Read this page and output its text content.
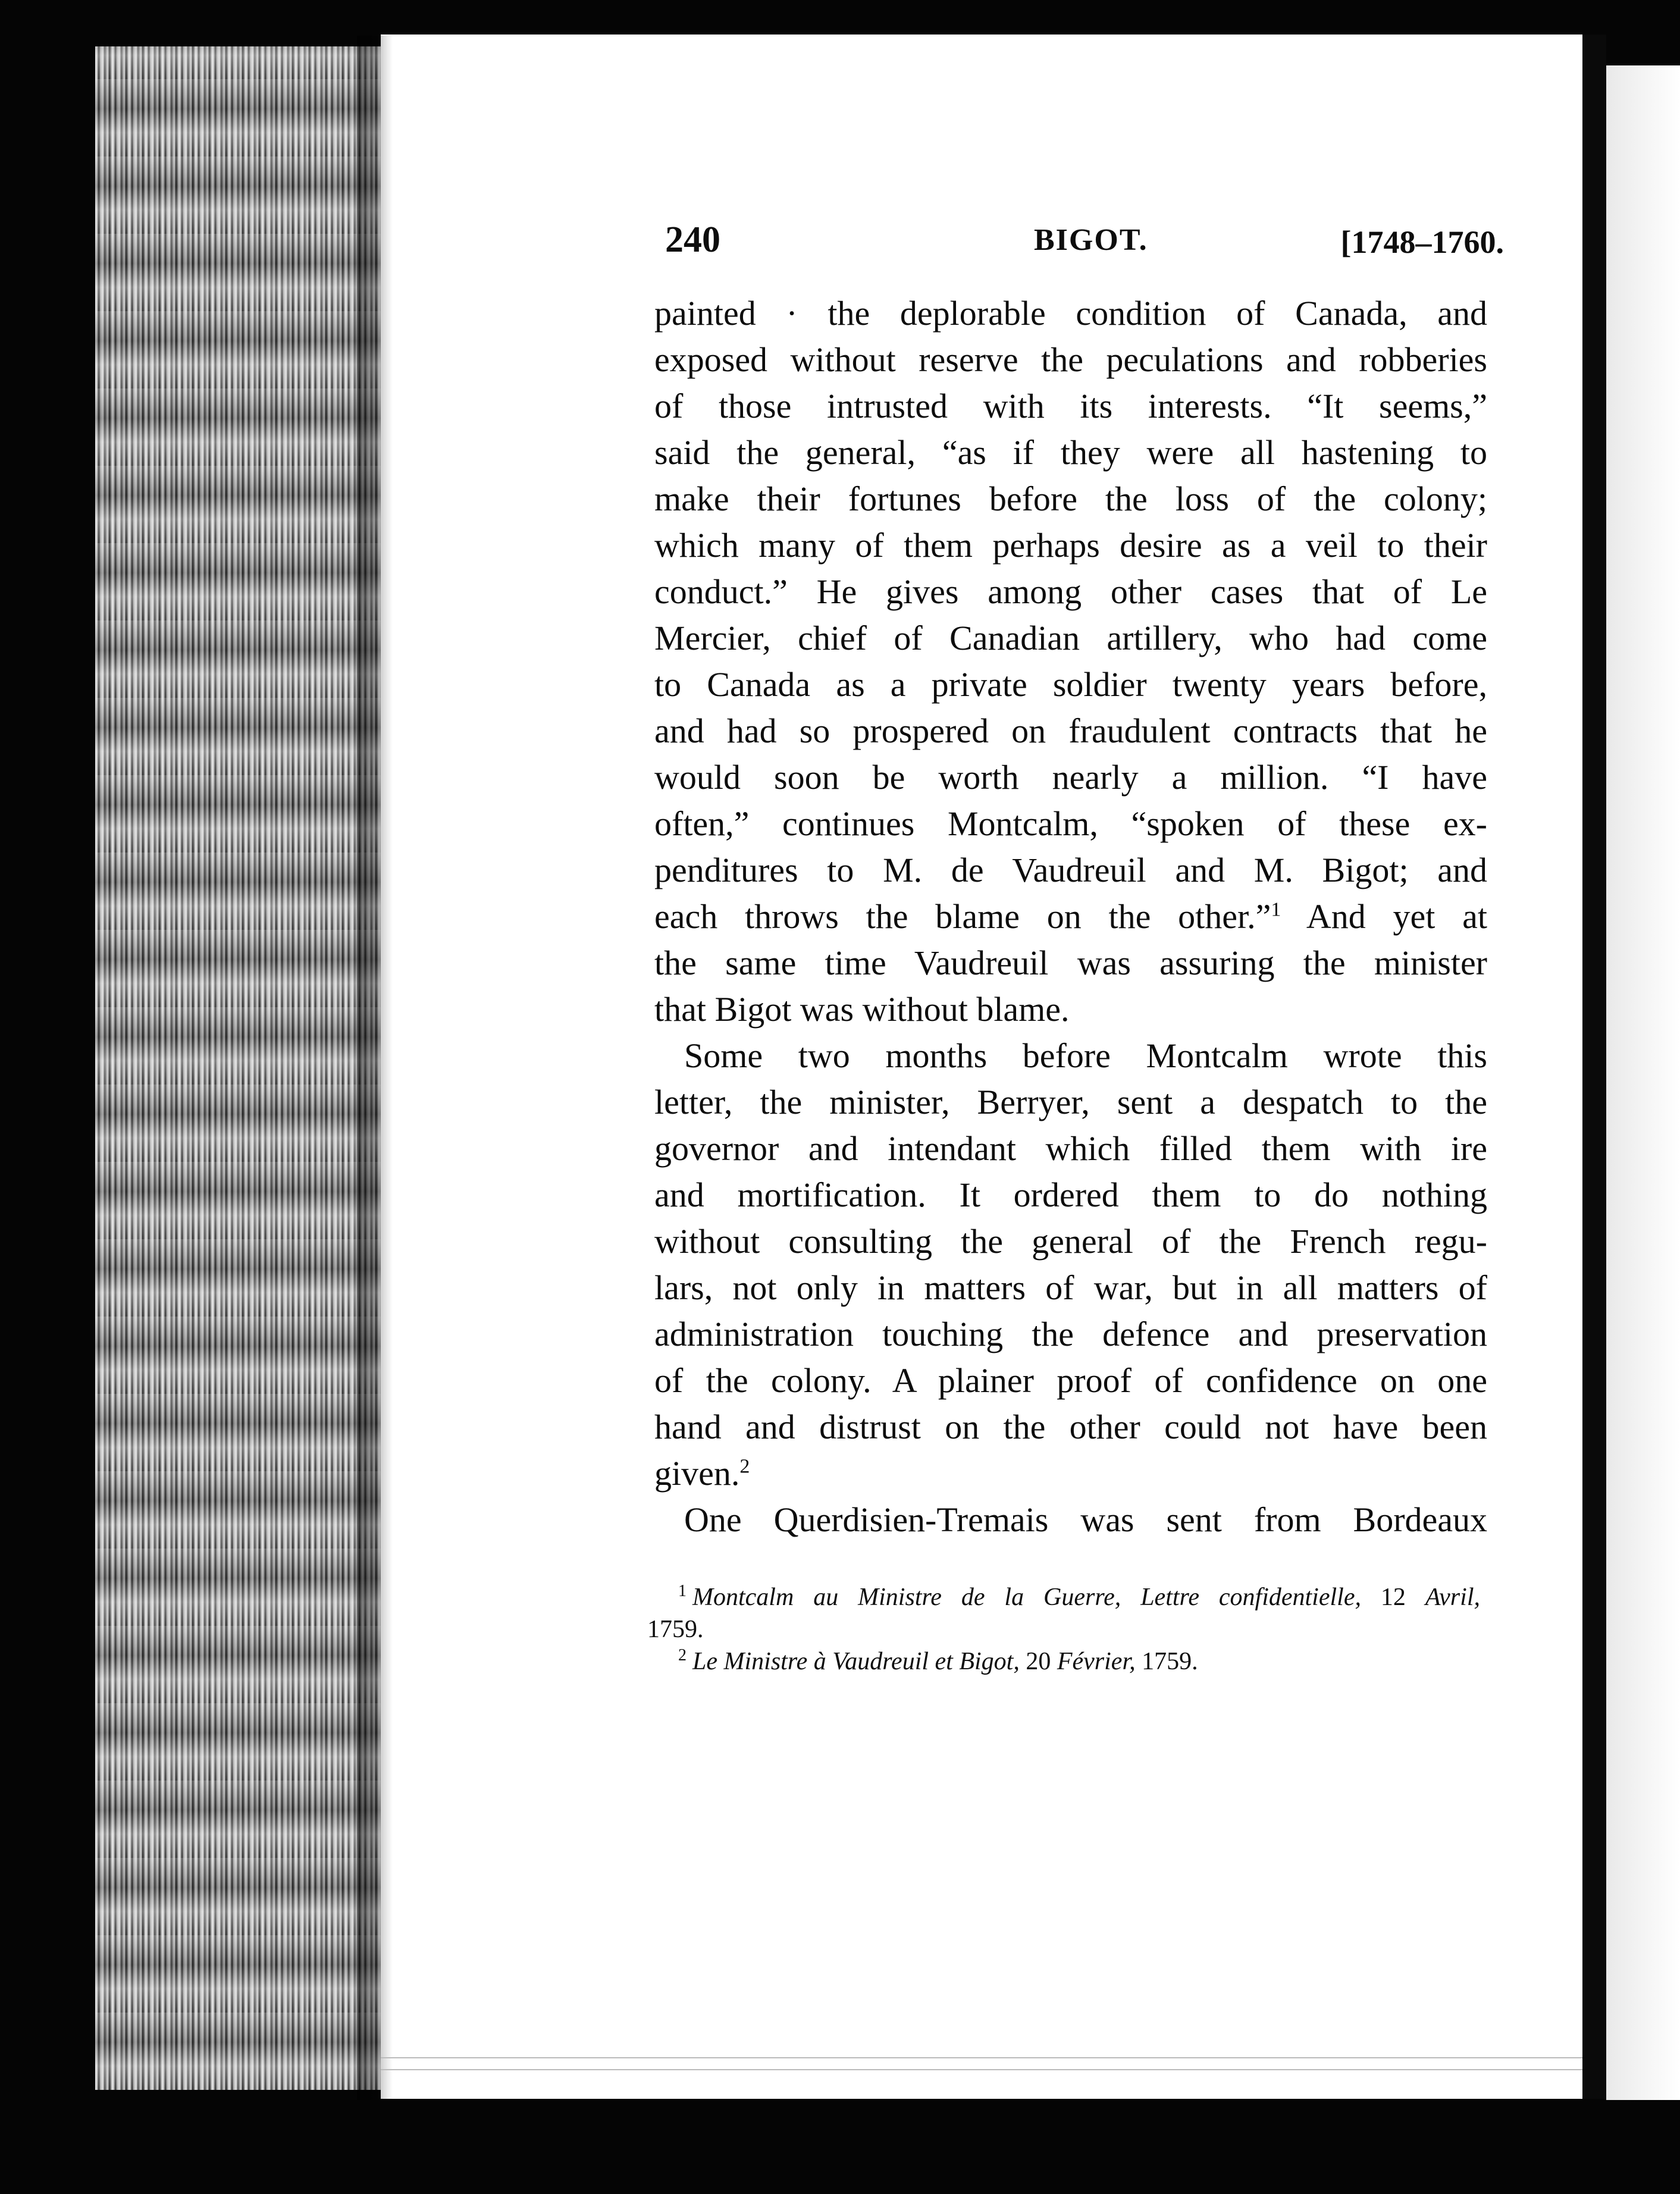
240	BIGOT.	[1748–1760.
painted · the deplorable condition of Canada, and
exposed without reserve the peculations and robberies
of those intrusted with its interests. “It seems,”
said the general, “as if they were all hastening to
make their fortunes before the loss of the colony;
which many of them perhaps desire as a veil to their
conduct.” He gives among other cases that of Le
Mercier, chief of Canadian artillery, who had come
to Canada as a private soldier twenty years before,
and had so prospered on fraudulent contracts that he
would soon be worth nearly a million. “I have
often,” continues Montcalm, “spoken of these ex-
penditures to M. de Vaudreuil and M. Bigot; and
each throws the blame on the other.”$^1$ And yet at
the same time Vaudreuil was assuring the minister
that Bigot was without blame.
Some two months before Montcalm wrote this
letter, the minister, Berryer, sent a despatch to the
governor and intendant which filled them with ire
and mortification. It ordered them to do nothing
without consulting the general of the French regu-
lars, not only in matters of war, but in all matters of
administration touching the defence and preservation
of the colony. A plainer proof of confidence on one
hand and distrust on the other could not have been
given.$^2$
One Querdisien-Tremais was sent from Bordeaux
$^1$ Montcalm au Ministre de la Guerre, Lettre confidentielle, 12 Avril,
1759.
$^2$ Le Ministre à Vaudreuil et Bigot, 20 Février, 1759.
